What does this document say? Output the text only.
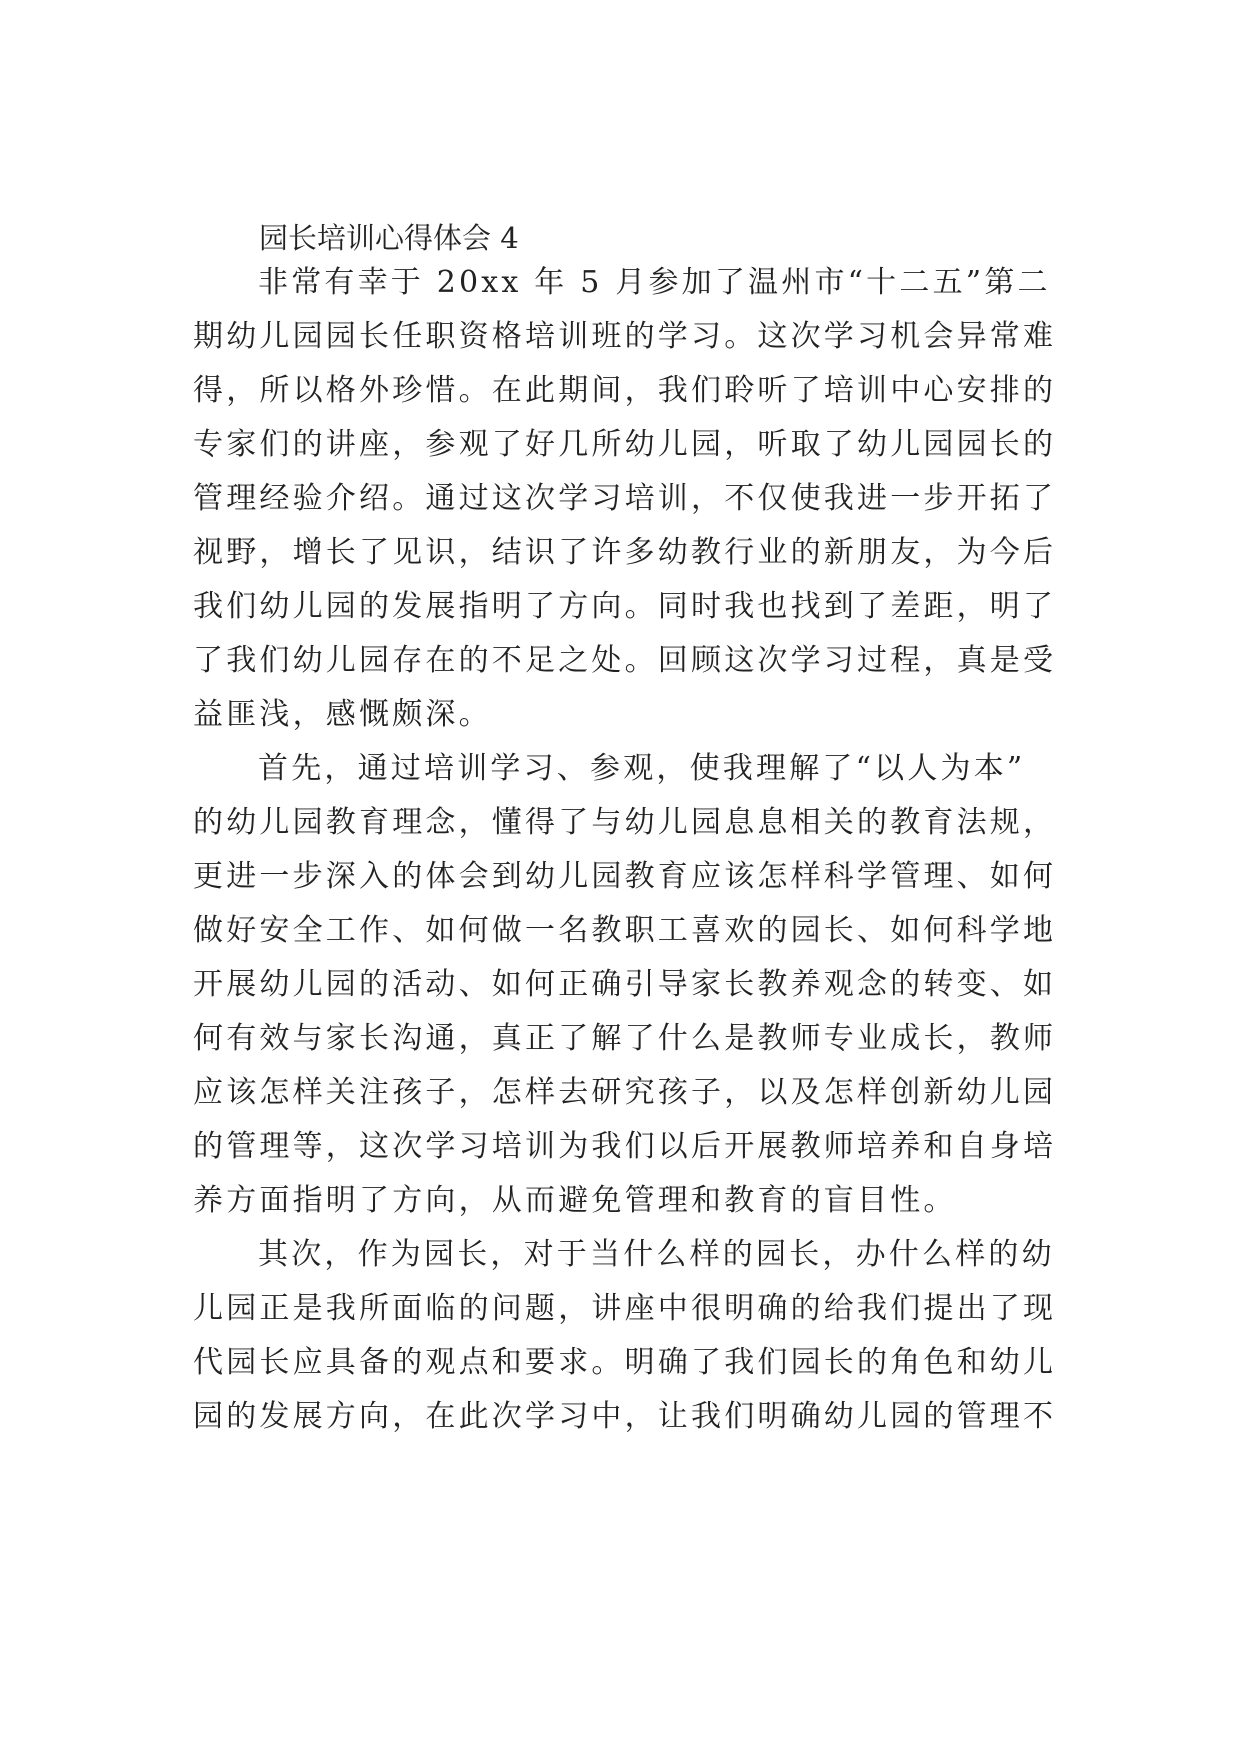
园长培训心得体会 4

非常有幸于 20xx 年 5 月参加了温州市“十二五”第二
期幼儿园园长任职资格培训班的学习。这次学习机会异常难
得，所以格外珍惜。在此期间，我们聆听了培训中心安排的
专家们的讲座，参观了好几所幼儿园，听取了幼儿园园长的
管理经验介绍。通过这次学习培训，不仅使我进一步开拓了
视野，增长了见识，结识了许多幼教行业的新朋友，为今后
我们幼儿园的发展指明了方向。同时我也找到了差距，明了
了我们幼儿园存在的不足之处。回顾这次学习过程，真是受
益匪浅，感慨颇深。

首先，通过培训学习、参观，使我理解了“以人为本”
的幼儿园教育理念，懂得了与幼儿园息息相关的教育法规，
更进一步深入的体会到幼儿园教育应该怎样科学管理、如何
做好安全工作、如何做一名教职工喜欢的园长、如何科学地
开展幼儿园的活动、如何正确引导家长教养观念的转变、如
何有效与家长沟通，真正了解了什么是教师专业成长，教师
应该怎样关注孩子，怎样去研究孩子，以及怎样创新幼儿园
的管理等，这次学习培训为我们以后开展教师培养和自身培
养方面指明了方向，从而避免管理和教育的盲目性。

其次，作为园长，对于当什么样的园长，办什么样的幼
儿园正是我所面临的问题，讲座中很明确的给我们提出了现
代园长应具备的观点和要求。明确了我们园长的角色和幼儿
园的发展方向，在此次学习中，让我们明确幼儿园的管理不
